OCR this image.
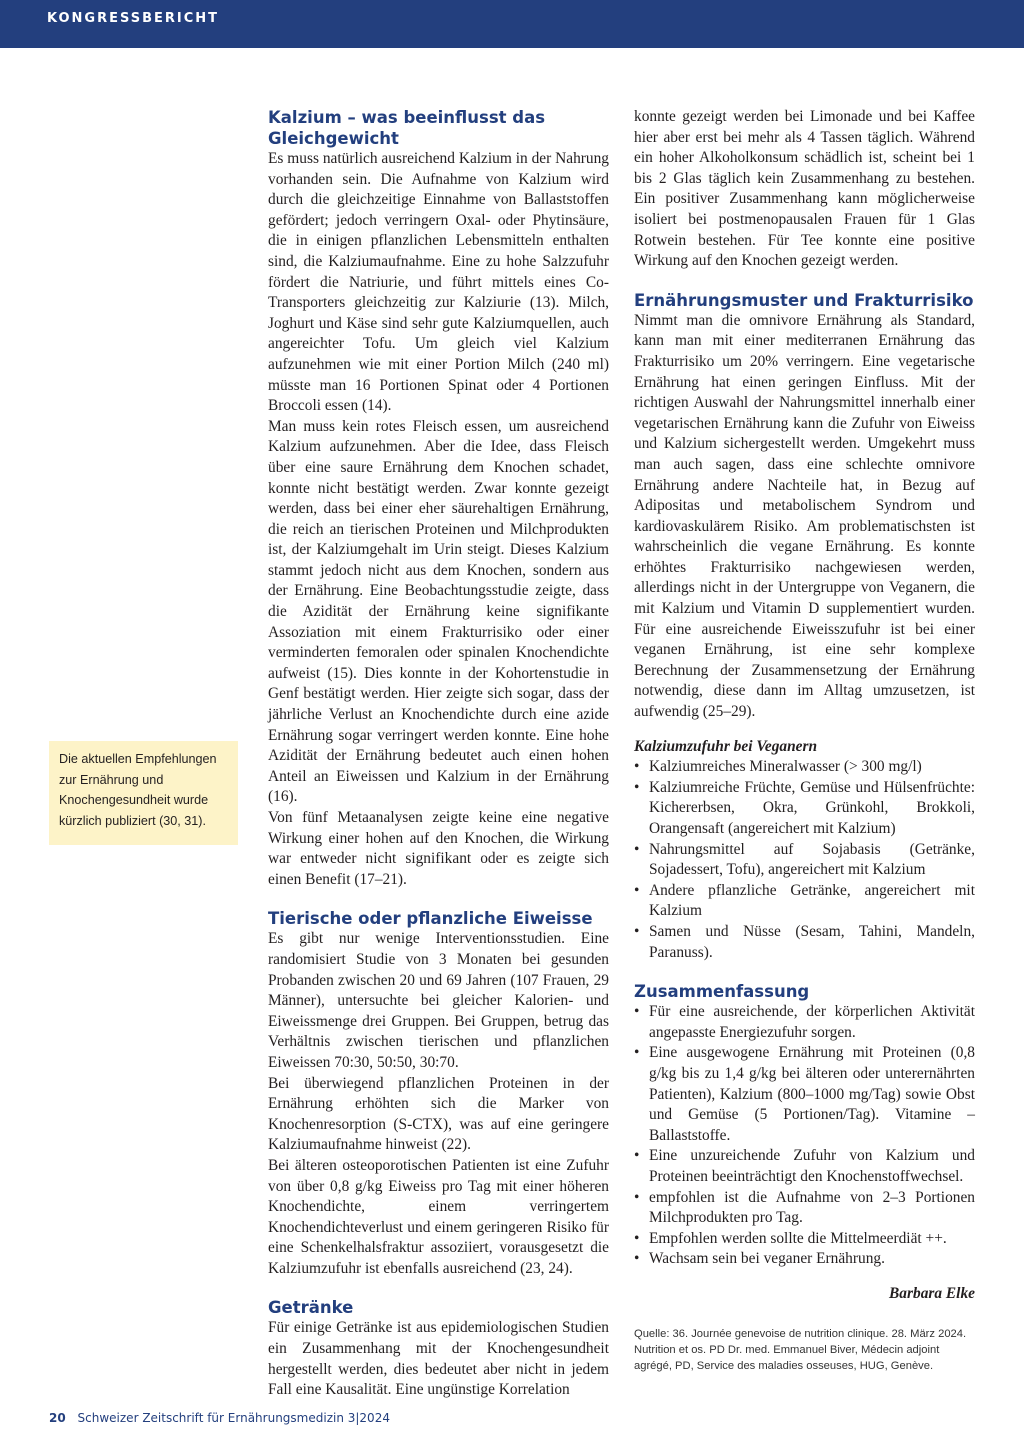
KONGRESSBERICHT
Die aktuellen Empfehlungen zur Ernährung und Knochengesundheit wurde kürzlich publiziert (30, 31).
Kalzium – was beeinflusst das Gleichgewicht

Es muss natürlich ausreichend Kalzium in der Nahrung vorhanden sein. Die Aufnahme von Kalzium wird durch die gleichzeitige Einnahme von Ballaststoffen gefördert; jedoch verringern Oxal- oder Phytinsäure, die in einigen pflanzlichen Lebensmitteln enthalten sind, die Kalziumaufnahme. Eine zu hohe Salzzufuhr fördert die Natriurie, und führt mittels eines Co-Transporters gleichzeitig zur Kalziurie (13). Milch, Joghurt und Käse sind sehr gute Kalziumquellen, auch angereichter Tofu. Um gleich viel Kalzium aufzunehmen wie mit einer Portion Milch (240 ml) müsste man 16 Portionen Spinat oder 4 Portionen Broccoli essen (14).

Man muss kein rotes Fleisch essen, um ausreichend Kalzium aufzunehmen. Aber die Idee, dass Fleisch über eine saure Ernährung dem Knochen schadet, konnte nicht bestätigt werden. Zwar konnte gezeigt werden, dass bei einer eher säurehaltigen Ernährung, die reich an tierischen Proteinen und Milchprodukten ist, der Kalziumgehalt im Urin steigt. Dieses Kalzium stammt jedoch nicht aus dem Knochen, sondern aus der Ernährung. Eine Beobachtungsstudie zeigte, dass die Azidität der Ernährung keine signifikante Assoziation mit einem Frakturrisiko oder einer verminderten femoralen oder spinalen Knochendichte aufweist (15). Dies konnte in der Kohortenstudie in Genf bestätigt werden. Hier zeigte sich sogar, dass der jährliche Verlust an Knochendichte durch eine azide Ernährung sogar verringert werden konnte. Eine hohe Azidität der Ernährung bedeutet auch einen hohen Anteil an Eiweissen und Kalzium in der Ernährung (16).

Von fünf Metaanalysen zeigte keine eine negative Wirkung einer hohen auf den Knochen, die Wirkung war entweder nicht signifikant oder es zeigte sich einen Benefit (17–21).

Tierische oder pflanzliche Eiweisse

Es gibt nur wenige Interventionsstudien. Eine randomisiert Studie von 3 Monaten bei gesunden Probanden zwischen 20 und 69 Jahren (107 Frauen, 29 Männer), untersuchte bei gleicher Kalorien- und Eiweissmenge drei Gruppen. Bei Gruppen, betrug das Verhältnis zwischen tierischen und pflanzlichen Eiweissen 70:30, 50:50, 30:70.

Bei überwiegend pflanzlichen Proteinen in der Ernährung erhöhten sich die Marker von Knochenresorption (S-CTX), was auf eine geringere Kalziumaufnahme hinweist (22).

Bei älteren osteoporotischen Patienten ist eine Zufuhr von über 0,8 g/kg Eiweiss pro Tag mit einer höheren Knochendichte, einem verringertem Knochendichteverlust und einem geringeren Risiko für eine Schenkelhalsfraktur assoziiert, vorausgesetzt die Kalziumzufuhr ist ebenfalls ausreichend (23, 24).

Getränke

Für einige Getränke ist aus epidemiologischen Studien ein Zusammenhang mit der Knochengesundheit hergestellt werden, dies bedeutet aber nicht in jedem Fall eine Kausalität. Eine ungünstige Korrelation

konnte gezeigt werden bei Limonade und bei Kaffee hier aber erst bei mehr als 4 Tassen täglich. Während ein hoher Alkoholkonsum schädlich ist, scheint bei 1 bis 2 Glas täglich kein Zusammenhang zu bestehen. Ein positiver Zusammenhang kann möglicherweise isoliert bei postmenopausalen Frauen für 1 Glas Rotwein bestehen. Für Tee konnte eine positive Wirkung auf den Knochen gezeigt werden.

Ernährungsmuster und Frakturrisiko

Nimmt man die omnivore Ernährung als Standard, kann man mit einer mediterranen Ernährung das Frakturrisiko um 20% verringern. Eine vegetarische Ernährung hat einen geringen Einfluss. Mit der richtigen Auswahl der Nahrungsmittel innerhalb einer vegetarischen Ernährung kann die Zufuhr von Eiweiss und Kalzium sichergestellt werden. Umgekehrt muss man auch sagen, dass eine schlechte omnivore Ernährung andere Nachteile hat, in Bezug auf Adipositas und metabolischem Syndrom und kardiovaskulärem Risiko. Am problematischsten ist wahrscheinlich die vegane Ernährung. Es konnte erhöhtes Frakturrisiko nachgewiesen werden, allerdings nicht in der Untergruppe von Veganern, die mit Kalzium und Vitamin D supplementiert wurden. Für eine ausreichende Eiweisszufuhr ist bei einer veganen Ernährung, ist eine sehr komplexe Berechnung der Zusammensetzung der Ernährung notwendig, diese dann im Alltag umzusetzen, ist aufwendig (25–29).

Kalziumzufuhr bei Veganern
• Kalziumreiches Mineralwasser (> 300 mg/l)
• Kalziumreiche Früchte, Gemüse und Hülsenfrüchte: Kichererbsen, Okra, Grünkohl, Brokkoli, Orangensaft (angereichert mit Kalzium)
• Nahrungsmittel auf Sojabasis (Getränke, Sojadessert, Tofu), angereichert mit Kalzium
• Andere pflanzliche Getränke, angereichert mit Kalzium
• Samen und Nüsse (Sesam, Tahini, Mandeln, Paranuss).
Zusammenfassung
• Für eine ausreichende, der körperlichen Aktivität angepasste Energiezufuhr sorgen.
• Eine ausgewogene Ernährung mit Proteinen (0,8 g/kg bis zu 1,4 g/kg bei älteren oder unterernährten Patienten), Kalzium (800–1000 mg/Tag) sowie Obst und Gemüse (5 Portionen/Tag). Vitamine – Ballaststoffe.
• Eine unzureichende Zufuhr von Kalzium und Proteinen beeinträchtigt den Knochenstoffwechsel.
• empfohlen ist die Aufnahme von 2–3 Portionen Milchprodukten pro Tag.
• Empfohlen werden sollte die Mittelmeerdiät ++.
• Wachsam sein bei veganer Ernährung.
Barbara Elke
Quelle: 36. Journée genevoise de nutrition clinique. 28. März 2024. Nutrition et os. PD Dr. med. Emmanuel Biver, Médecin adjoint agrégé, PD, Service des maladies osseuses, HUG, Genève.
20 Schweizer Zeitschrift für Ernährungsmedizin 3|2024
